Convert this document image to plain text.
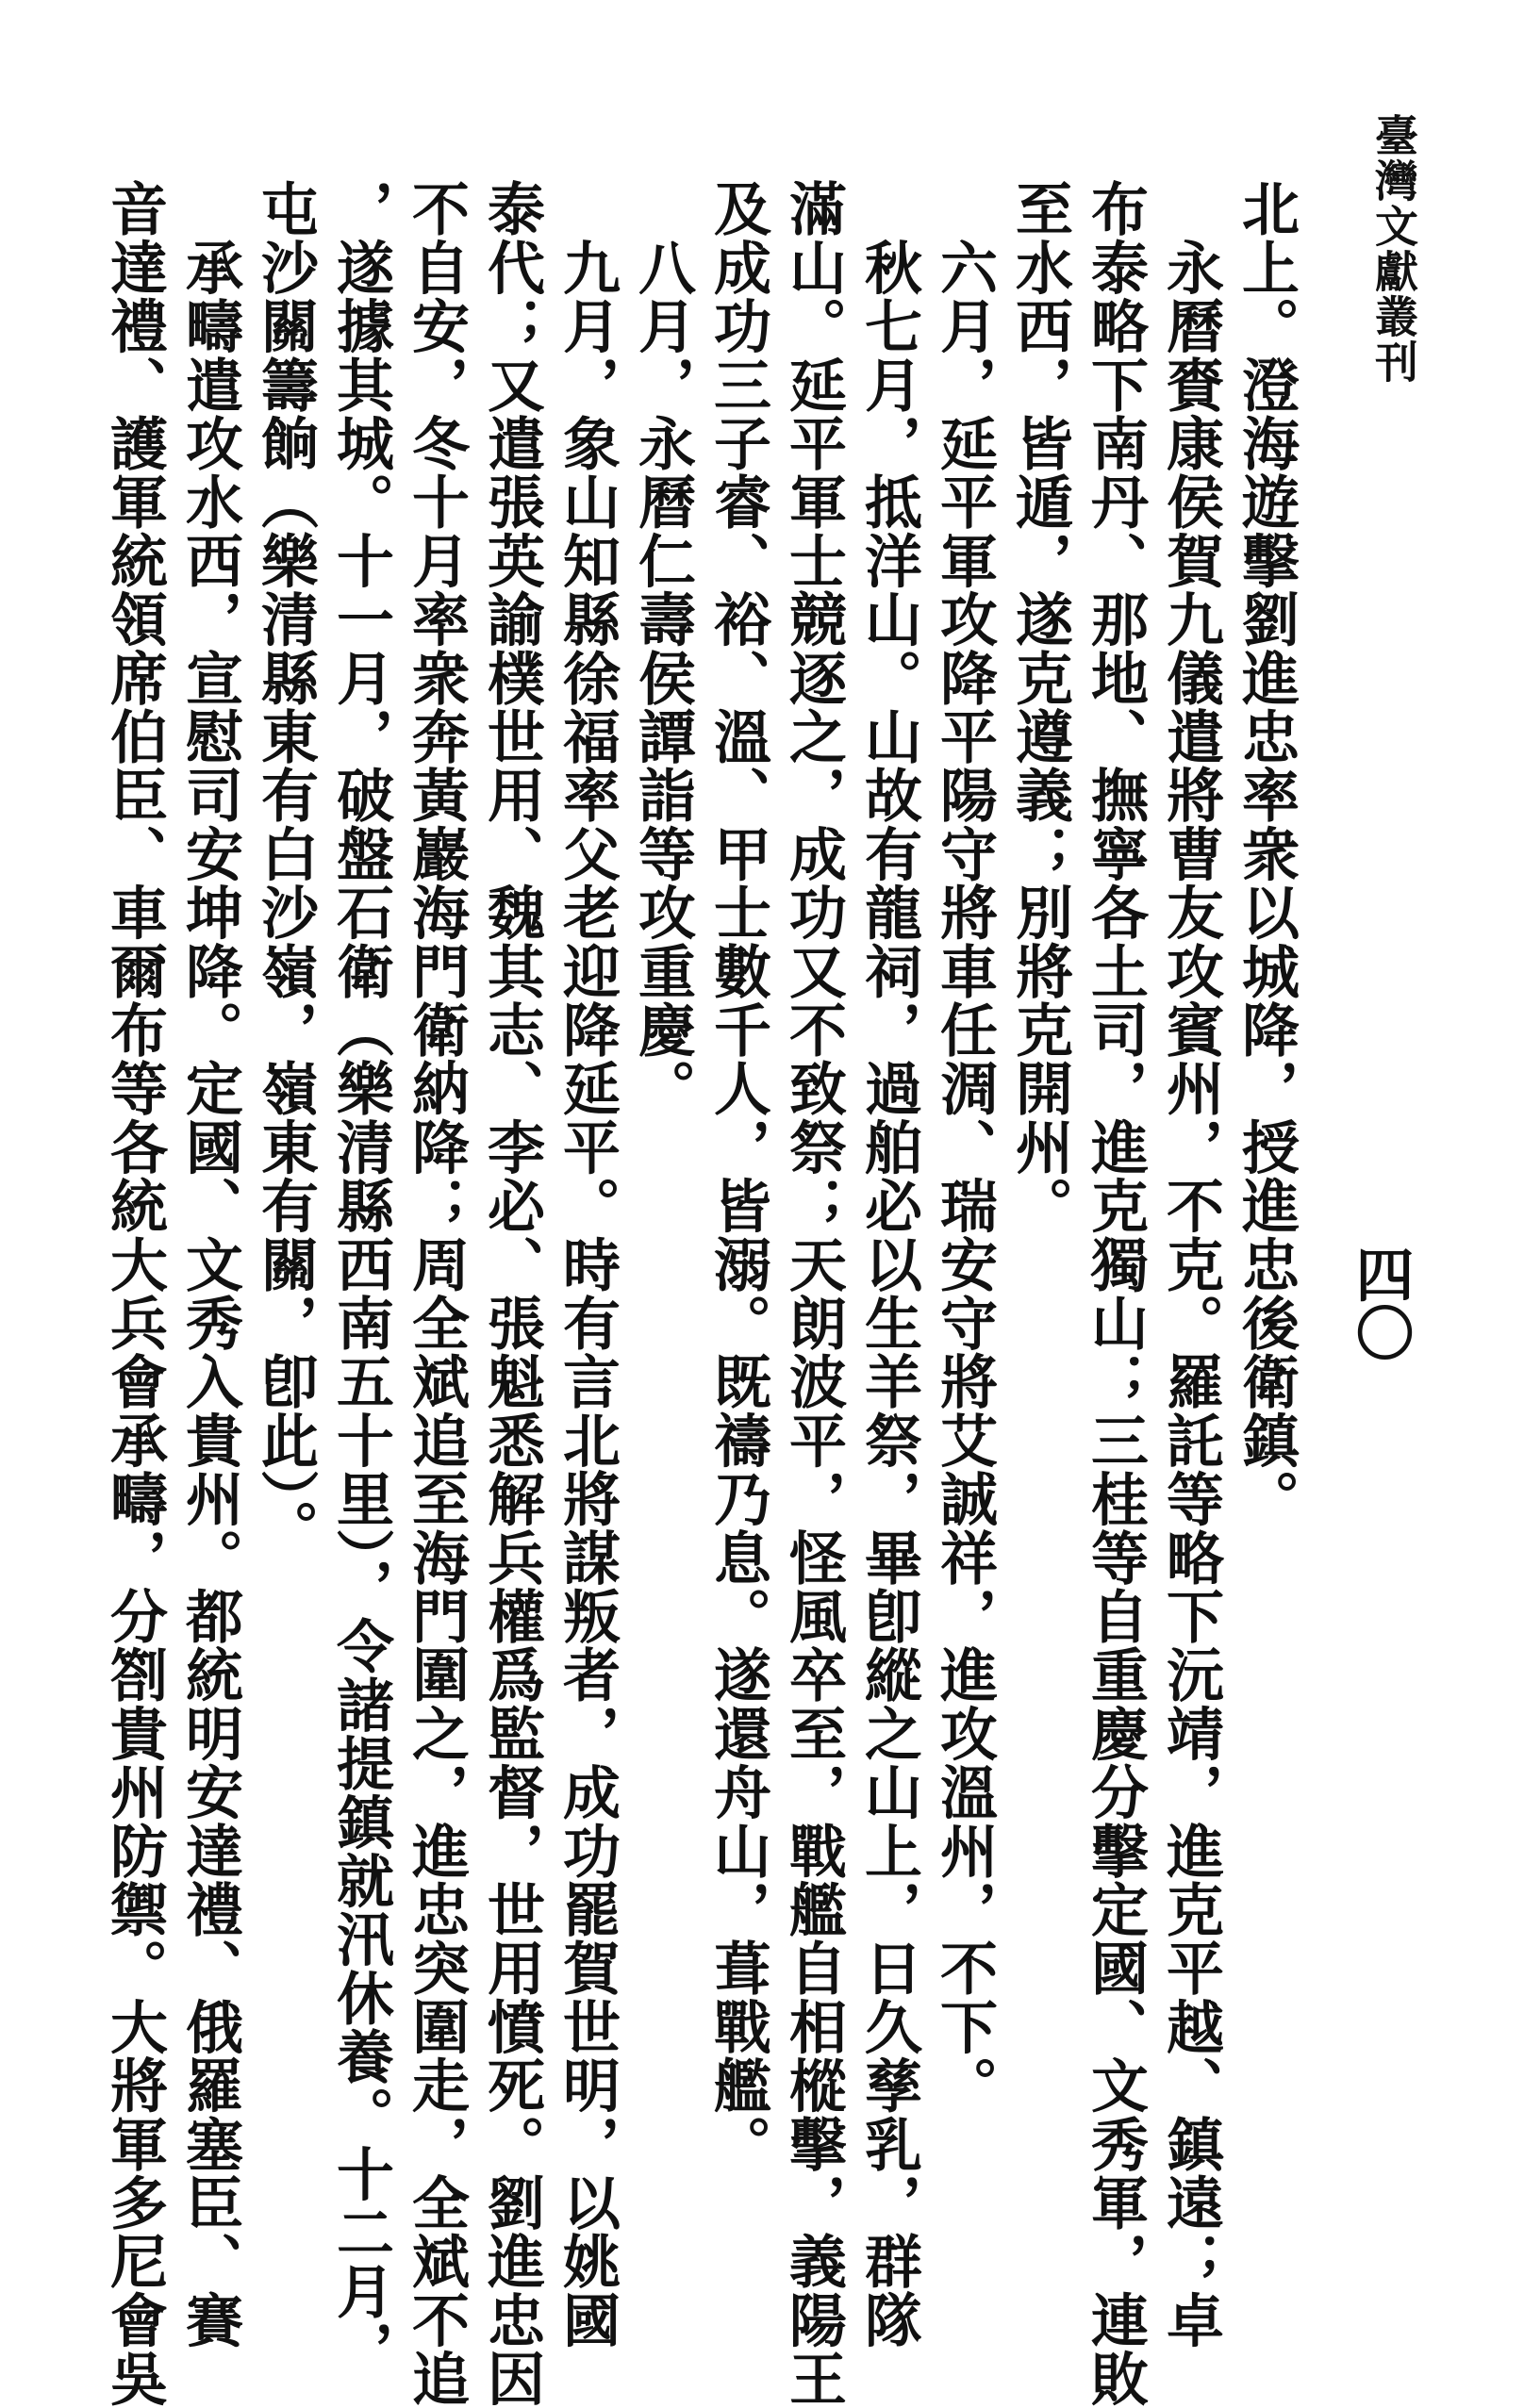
臺灣文獻叢刊
四〇
北上。澄海遊擊劉進忠率衆以城降，授進忠後衛鎮。
　永曆賚康侯賀九儀遣將曹友攻賓州，不克。羅託等略下沅靖，進克平越、鎮遠；卓
布泰略下南丹、那地、撫寧各土司，進克獨山；三桂等自重慶分擊定國、文秀軍，連敗
至水西，皆遁，遂克遵義；別將克開州。
　六月，延平軍攻降平陽守將車任淍、瑞安守將艾誠祥，進攻溫州，不下。
　秋七月，抵洋山。山故有龍祠，過舶必以生羊祭，畢卽縱之山上，日久孳乳，群隊
滿山。延平軍士競逐之，成功又不致祭；天朗波平，怪風卒至，戰艦自相樅擊，義陽王
及成功三子睿、裕、溫、甲士數千人，皆溺。既禱乃息。遂還舟山，葺戰艦。
　八月，永曆仁壽侯譚詣等攻重慶。
　九月，象山知縣徐福率父老迎降延平。時有言北將謀叛者，成功罷賀世明，以姚國
泰代；又遣張英諭樸世用、魏其志、李必、張魁悉解兵權爲監督，世用憤死。劉進忠因
不自安，冬十月率衆奔黃巖海門衛納降；周全斌追至海門圍之，進忠突圍走，全斌不追
，遂據其城。十一月，破盤石衛（樂清縣西南五十里），令諸提鎮就汛休養。十二月，
屯沙關籌餉（樂清縣東有白沙嶺，嶺東有關，卽此）。
　承疇遣攻水西，宣慰司安坤降。定國、文秀入貴州。都統明安達禮、俄羅塞臣、賽
音達禮、護軍統領席伯臣、車爾布等各統大兵會承疇，分劄貴州防禦。大將軍多尼會吳
